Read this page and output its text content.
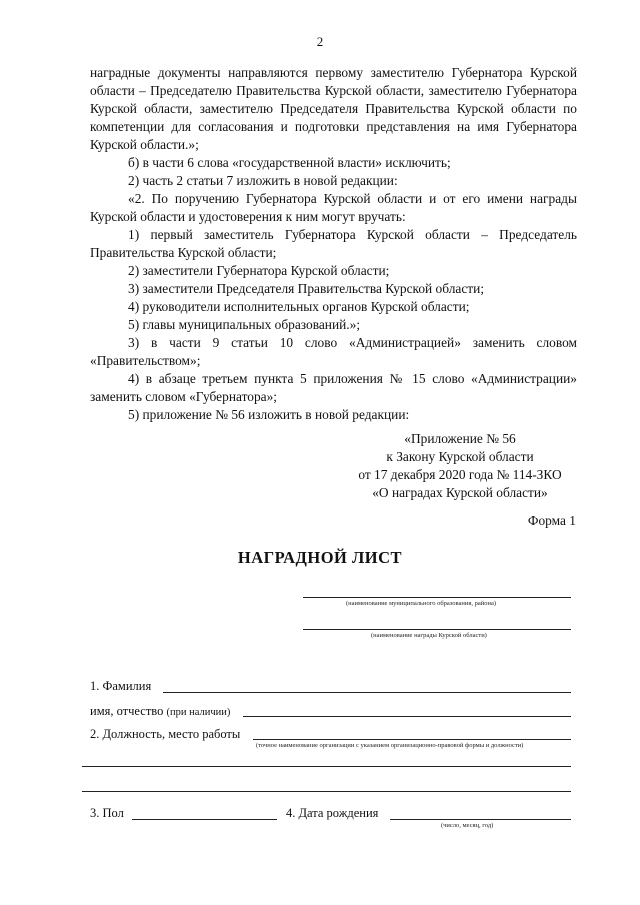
2

наградные документы направляются первому заместителю Губернатора Курской области – Председателю Правительства Курской области, заместителю Губернатора Курской области, заместителю Председателя Правительства Курской области по компетенции для согласования и подготовки представления на имя Губернатора Курской области.»;

б) в части 6 слова «государственной власти» исключить;

2) часть 2 статьи 7 изложить в новой редакции:

«2. По поручению Губернатора Курской области и от его имени награды Курской области и удостоверения к ним могут вручать:

1) первый заместитель Губернатора Курской области – Председатель Правительства Курской области;

2) заместители Губернатора Курской области;

3) заместители Председателя Правительства Курской области;

4) руководители исполнительных органов Курской области;

5) главы муниципальных образований.»;

3) в части 9 статьи 10 слово «Администрацией» заменить словом «Правительством»;

4) в абзаце третьем пункта 5 приложения № 15 слово «Администрации» заменить словом «Губернатора»;

5) приложение № 56 изложить в новой редакции:

«Приложение № 56
к Закону Курской области
от 17 декабря 2020 года № 114-ЗКО
«О наградах Курской области»
Форма 1
НАГРАДНОЙ ЛИСТ
(наименование муниципального образования, района)
(наименование награды Курской области)
1. Фамилия
имя, отчество (при наличии)
2. Должность, место работы
(точное наименование организации с указанием организационно-правовой формы и должности)
3. Пол	4. Дата рождения
(число, месяц, год)
